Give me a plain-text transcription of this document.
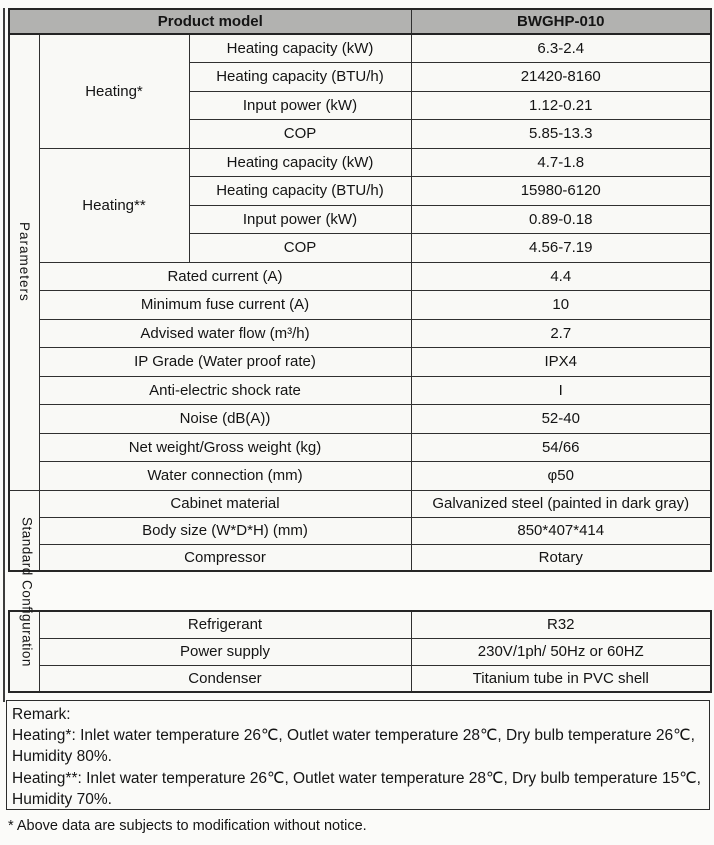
Product model			BWGHP-010
Parameters	Heating*	Heating capacity (kW)	6.3-2.4
		Heating capacity (BTU/h)	21420-8160
		Input power (kW)	1.12-0.21
		COP	5.85-13.3
	Heating**	Heating capacity (kW)	4.7-1.8
		Heating capacity (BTU/h)	15980-6120
		Input power (kW)	0.89-0.18
		COP	4.56-7.19
	Rated current (A)		4.4
	Minimum fuse current (A)		10
	Advised water flow (m³/h)		2.7
	IP Grade (Water proof rate)		IPX4
	Anti-electric shock rate		I
	Noise (dB(A))		52-40
	Net weight/Gross weight (kg)		54/66
	Water connection (mm)		φ50
	Cabinet material		Galvanized steel (painted in dark gray)
	Body size (W*D*H) (mm)		850*407*414
	Compressor		Rotary
	Refrigerant	R32
	Power supply	230V/1ph/ 50Hz or 60HZ
	Condenser	Titanium tube in PVC shell
Standard Configuration
Remark:
Heating*: Inlet water temperature 26℃, Outlet water temperature 28℃, Dry bulb temperature 26℃, Humidity 80%.
Heating**: Inlet water temperature 26℃, Outlet water temperature 28℃, Dry bulb temperature 15℃, Humidity 70%.
* Above data are subjects to modification without notice.
